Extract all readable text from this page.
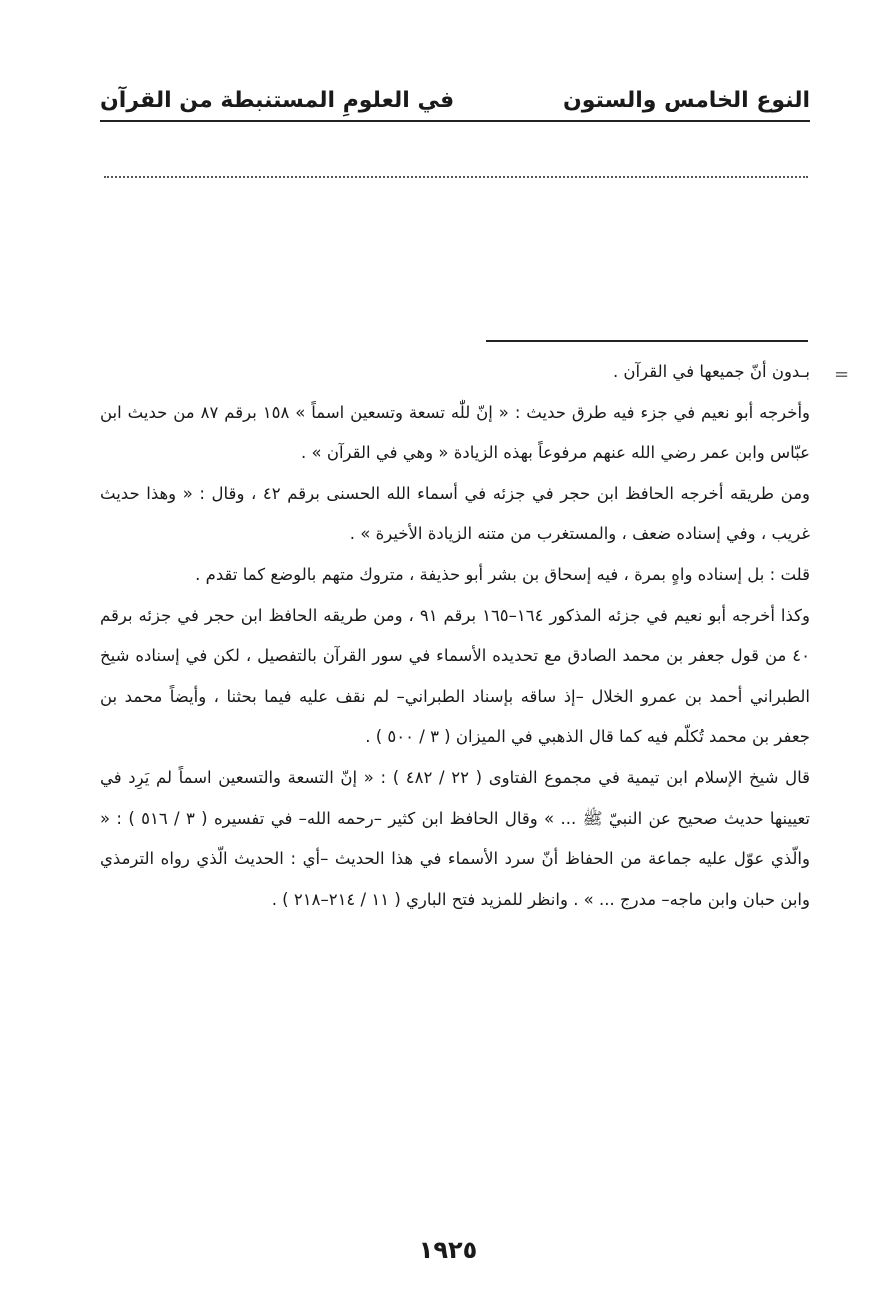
النوع الخامس والستون
في العلومِ المستنبطة من القرآن
=

بـدون أنّ جميعها في القرآن .

وأخرجه أبو نعيم في جزء فيه طرق حديث : « إنّ للّٰه تسعة وتسعين اسماً » ١٥٨ برقم ٨٧ من حديث ابن عبّاس وابن عمر رضي الله عنهم مرفوعاً بهذه الزيادة « وهي في القرآن » .

ومن طريقه أخرجه الحافظ ابن حجر في جزئه في أسماء الله الحسنى برقم ٤٢ ، وقال : « وهذا حديث غريب ، وفي إسناده ضعف ، والمستغرب من متنه الزيادة الأخيرة » .

قلت : بل إسناده واهٍ بمرة ، فيه إسحاق بن بشر أبو حذيفة ، متروك متهم بالوضع كما تقدم .

وكذا أخرجه أبو نعيم في جزئه المذكور ١٦٤–١٦٥ برقم ٩١ ، ومن طريقه الحافظ ابن حجر في جزئه برقم ٤٠ من قول جعفر بن محمد الصادق مع تحديده الأسماء في سور القرآن بالتفصيل ، لكن في إسناده شيخ الطبراني أحمد بن عمرو الخلال –إذ ساقه بإسناد الطبراني– لم نقف عليه فيما بحثنا ، وأيضاً محمد بن جعفر بن محمد تُكلّم فيه كما قال الذهبي في الميزان ( ٣ / ٥٠٠ ) .

قال شيخ الإسلام ابن تيمية في مجموع الفتاوى ( ٢٢ / ٤٨٢ ) : « إنّ التسعة والتسعين اسماً لم يَرِد في تعيينها حديث صحيح عن النبيّ ﷺ ... » وقال الحافظ ابن كثير –رحمه الله– في تفسيره ( ٣ / ٥١٦ ) : « والّذي عوّل عليه جماعة من الحفاظ أنّ سرد الأسماء في هذا الحديث –أي : الحديث الّذي رواه الترمذي وابن حبان وابن ماجه– مدرج ... » . وانظر للمزيد فتح الباري ( ١١ / ٢١٤–٢١٨ ) .

١٩٢٥
